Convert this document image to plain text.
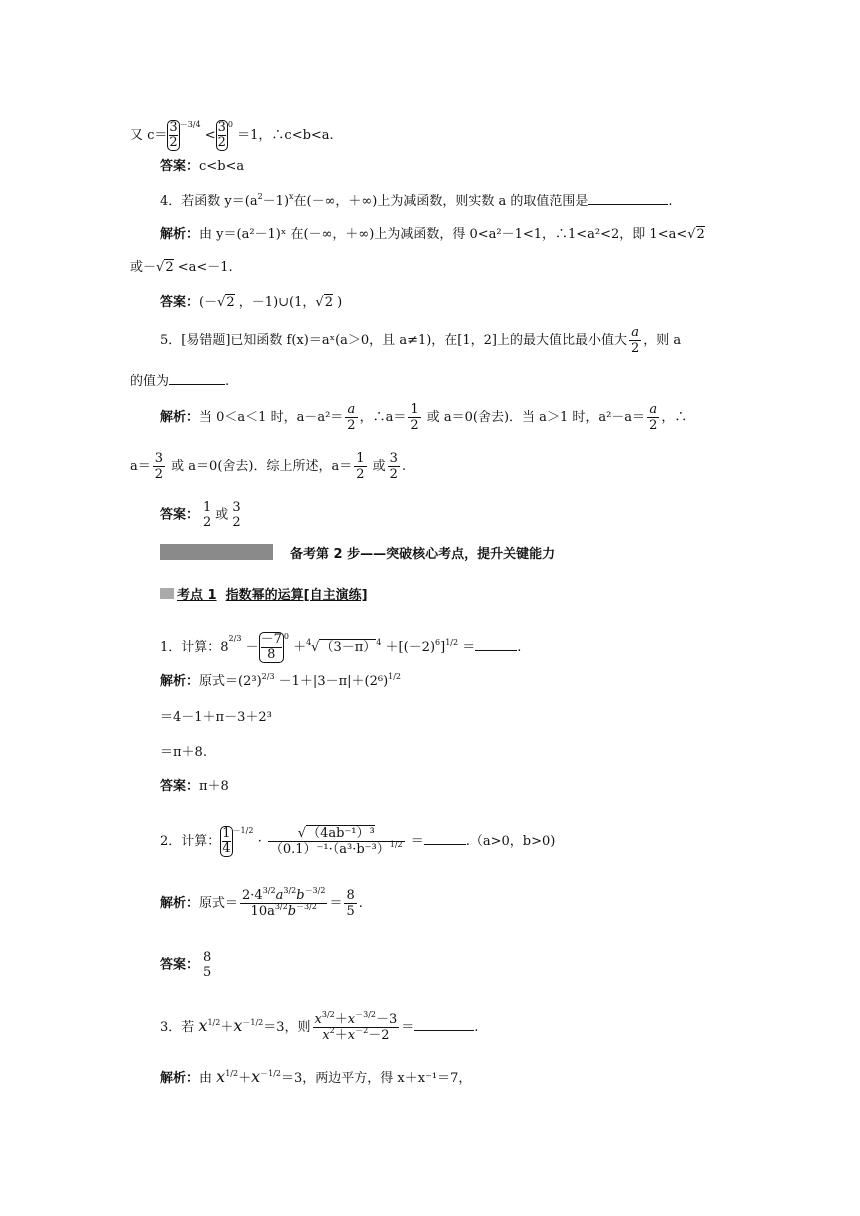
又 $c= \frac{3}{2} ^{-3/4} < \frac{3}{2} ^0 =1$，∴c<b<a.
答案：c<b<a
4．若函数 $y=(a^2-1)^x$在(－∞，＋∞)上为减函数，则实数 a 的取值范围是	.
解析：由 y＝(a²－1)ˣ 在(－∞，＋∞)上为减函数，得 0<a²－1<1，∴1<a²<2，即 1<a<√2
或－√2 <a<－1.
答案：(－√2 ，－1)∪(1，√2 )
5．[易错题]已知函数 f(x)＝aˣ(a＞0，且 a≠1)，在[1，2]上的最大值比最小值大 $\frac{a}{2}$ ，则 a
的值为	.
解析：当 0＜a＜1 时，$a-a^2= \frac{a}{2}$ ，∴a＝ $\frac{1}{2}$ 或 a＝0(舍去)．当 a＞1 时，$a^2-a= \frac{a}{2}$ ，∴
$a= \frac{3}{2}$ 或 a＝0(舍去)．综上所述，$a= \frac{1}{2}$ 或 $\frac{3}{2}$ .
答案： 1
2 或 3
2
备考第 2 步——突破核心考点，提升关键能力
考点 1 指数幂的运算[自主演练]
1．计算：$8^{2/3} - \frac{-7}{8} ^0 +^4√(3-\pi)^4 +[(-2)^6]^{1/2}$ ＝	.
解析：原式$=(2^3)^{2/3} -1+|3-\pi|+(2^6)^{1/2}$
＝4－1＋π－3＋2³
＝π＋8.
答案：π＋8
2．计算： $\frac{1}{4} ^{-1/2} \cdot \frac{\text{√（4ab⁻¹）³}}{(0.1)^{-1}\cdot(a^3\cdot b^{-3})^{1/2}}$ ＝	.（a>0，b>0)
解析：原式＝ $\frac{2\cdot 4^{3/2}a^{3/2}b^{-3/2}}{10a^{3/2}b^{-3/2}} = \frac{8}{5}$ .
答案： 8
5
3．若 $x^{1/2}+x^{-1/2}=3$，则 $\frac{x^{3/2}+x^{-3/2}-3}{x^2+x^{-2}-2}$ ＝	.
解析：由 $x^{1/2}+x^{-1/2}=3$，两边平方，得 x＋x⁻¹＝7，
